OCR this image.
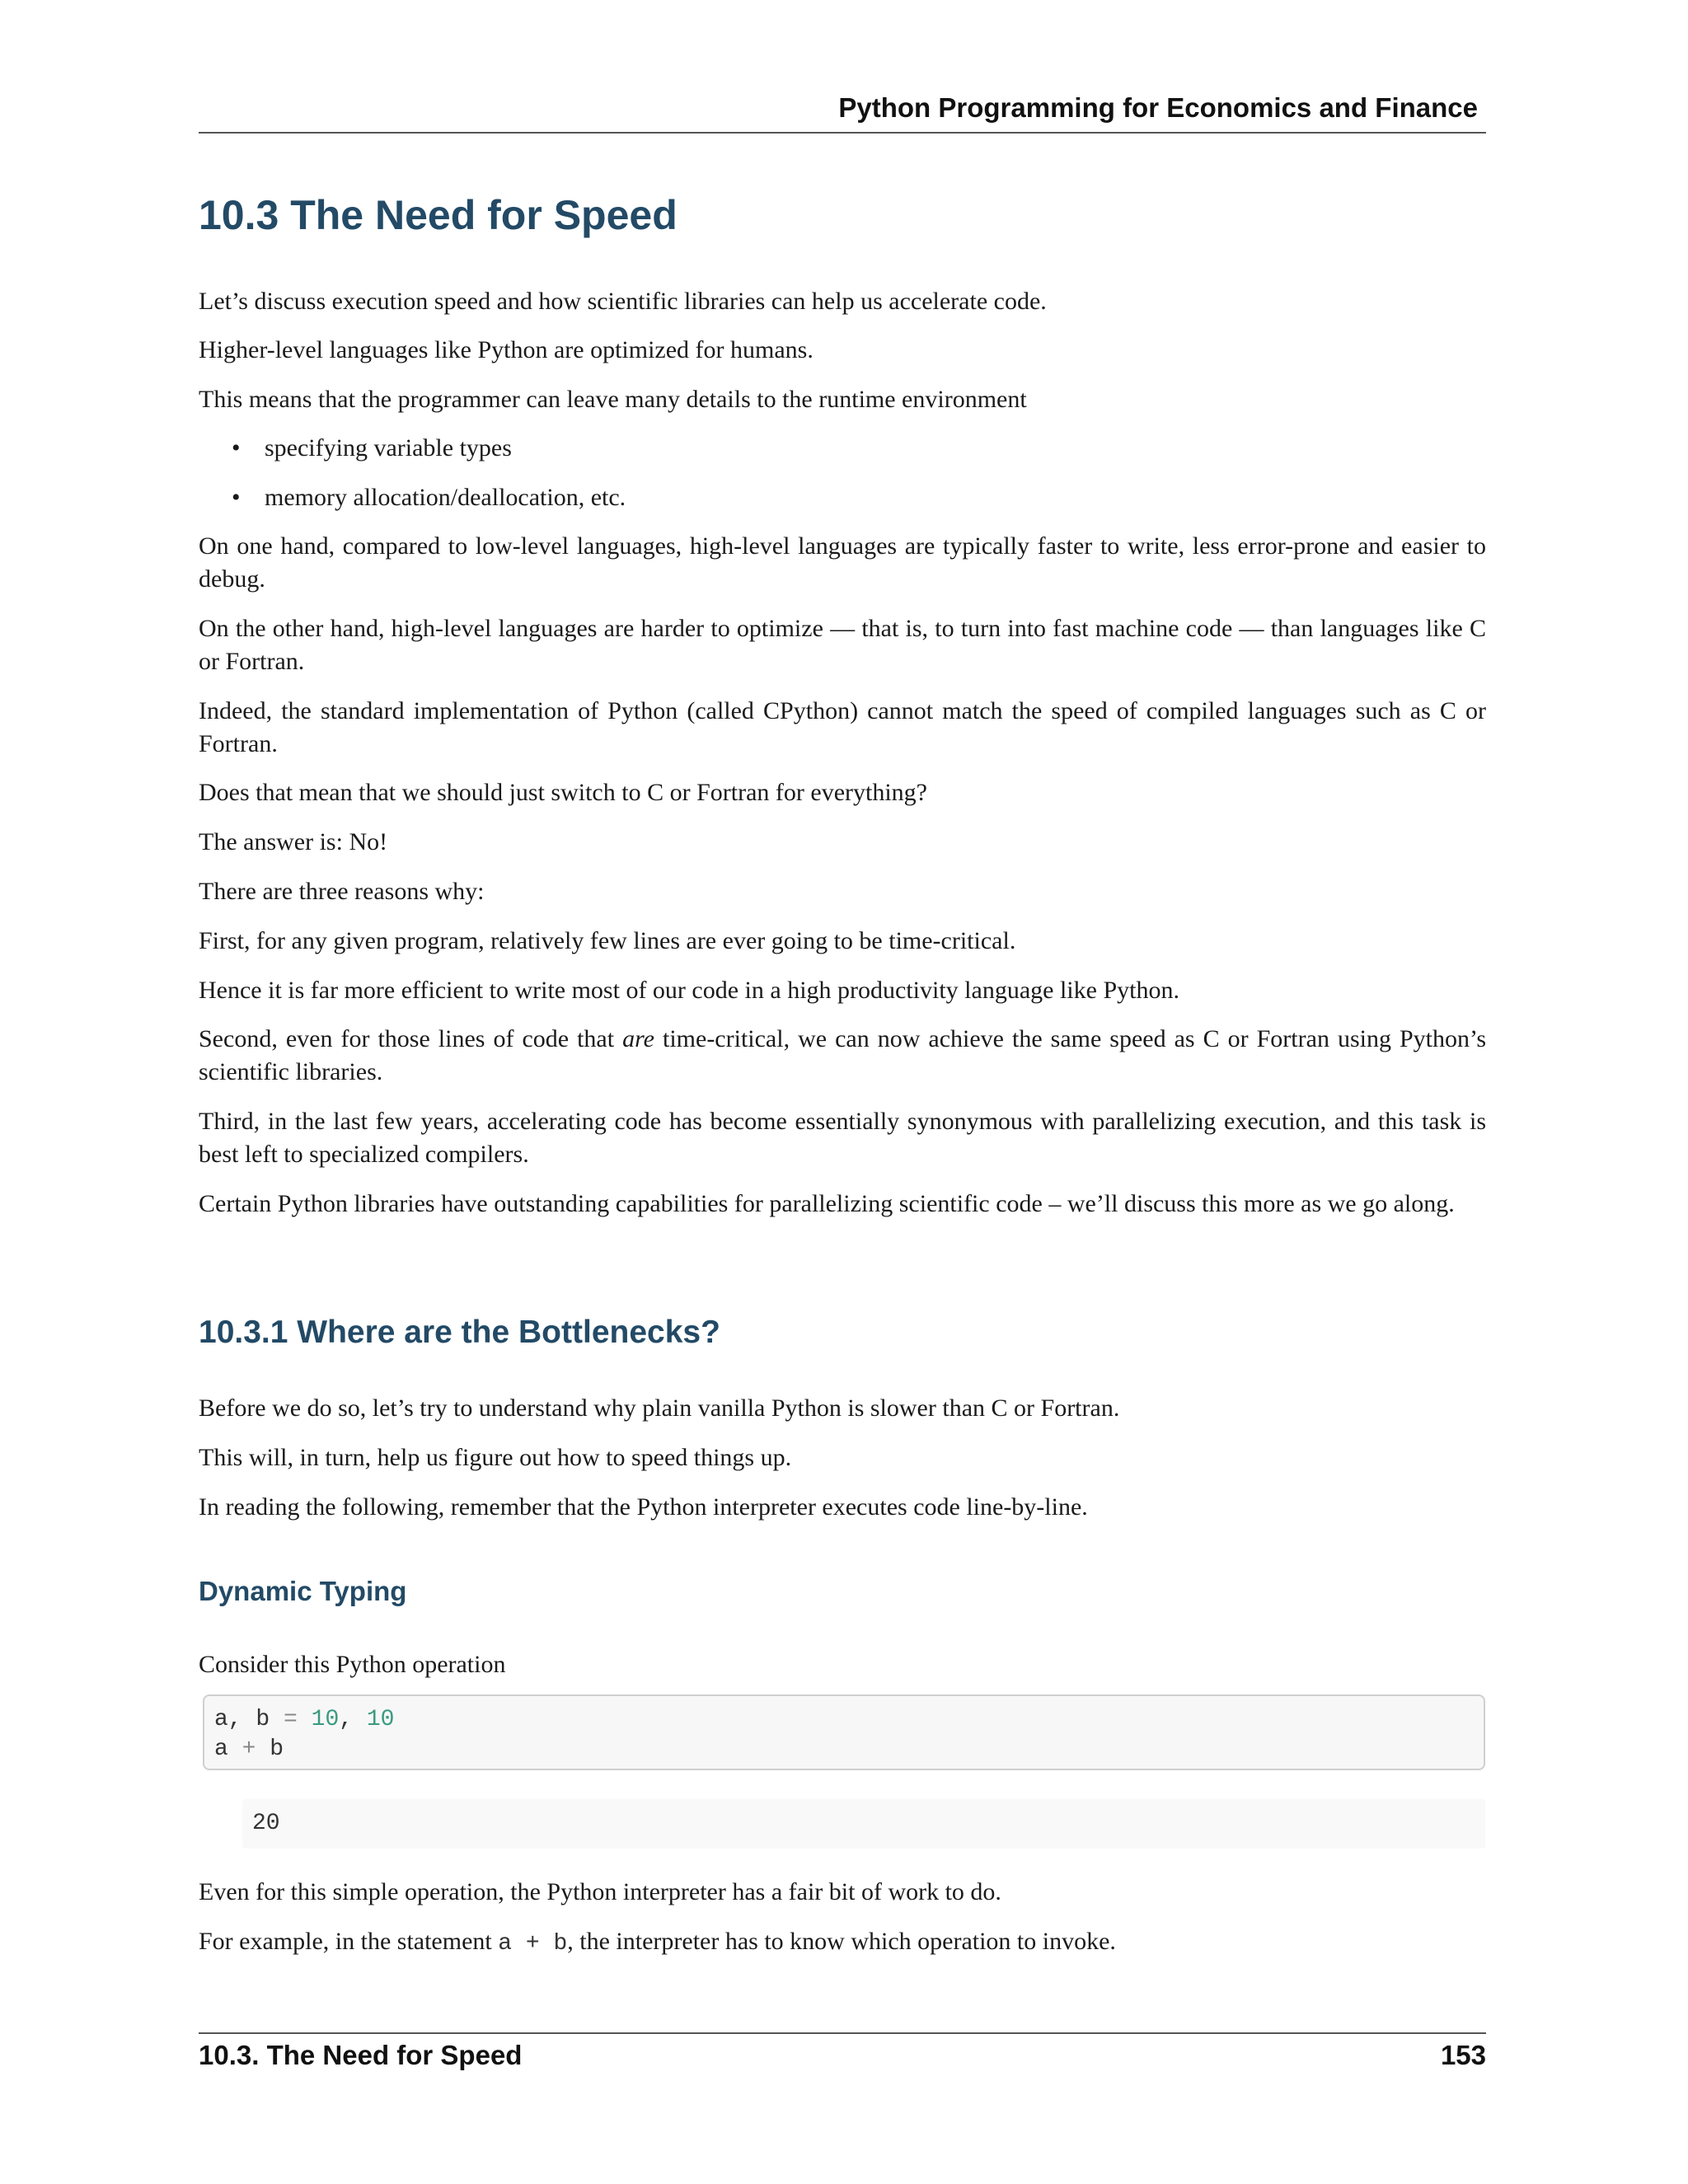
Python Programming for Economics and Finance
10.3 The Need for Speed

Let’s discuss execution speed and how scientific libraries can help us accelerate code.

Higher-level languages like Python are optimized for humans.

This means that the programmer can leave many details to the runtime environment

• specifying variable types

• memory allocation/deallocation, etc.

On one hand, compared to low-level languages, high-level languages are typically faster to write, less error-prone and easier to debug.

On the other hand, high-level languages are harder to optimize — that is, to turn into fast machine code — than languages like C or Fortran.

Indeed, the standard implementation of Python (called CPython) cannot match the speed of compiled languages such as C or Fortran.

Does that mean that we should just switch to C or Fortran for everything?

The answer is: No!

There are three reasons why:

First, for any given program, relatively few lines are ever going to be time-critical.

Hence it is far more efficient to write most of our code in a high productivity language like Python.

Second, even for those lines of code that are time-critical, we can now achieve the same speed as C or Fortran using Python’s scientific libraries.

Third, in the last few years, accelerating code has become essentially synonymous with parallelizing execution, and this task is best left to specialized compilers.

Certain Python libraries have outstanding capabilities for parallelizing scientific code – we’ll discuss this more as we go along.

10.3.1 Where are the Bottlenecks?

Before we do so, let’s try to understand why plain vanilla Python is slower than C or Fortran.

This will, in turn, help us figure out how to speed things up.

In reading the following, remember that the Python interpreter executes code line-by-line.

Dynamic Typing

Consider this Python operation

a, b = 10, 10
a + b
20

Even for this simple operation, the Python interpreter has a fair bit of work to do.

For example, in the statement a + b, the interpreter has to know which operation to invoke.

10.3. The Need for Speed	153
